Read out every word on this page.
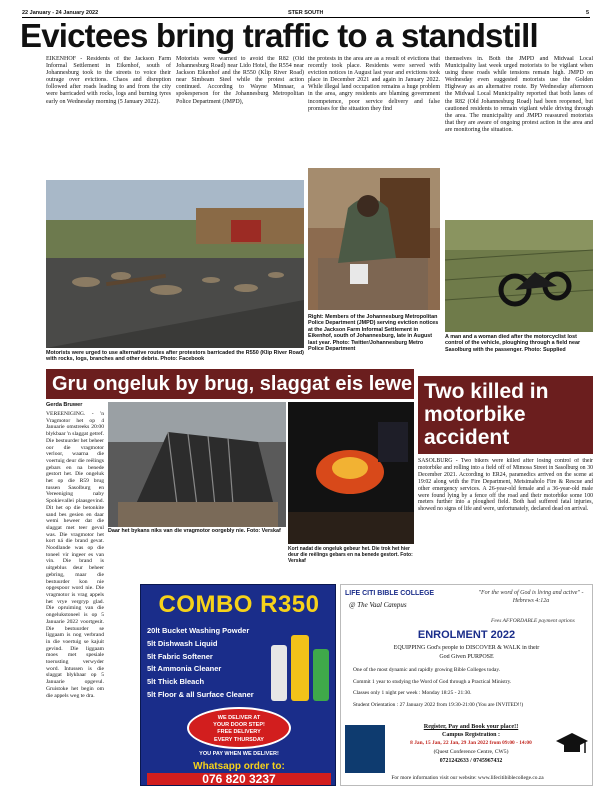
22 January - 24 January 2022	STER SOUTH	5
Evictees bring traffic to a standstill
EIKENHOF - Residents of the Jackson Farm Informal Settlement in Eikenhof, south of Johannesburg took to the streets to voice their outrage over evictions. Chaos and disruption followed after roads leading to and from the city were barricaded with rocks, logs and burning tyres early on Wednesday morning (5 January 2022).
Motorists were warned to avoid the R82 (Old Johannesburg Road) near Lido Hotel, the R554 near Jackson Eikenhof and the R550 (Klip River Road) near Simbeam Steel while the protest action continued. According to Wayne Minnaar, a spokesperson for the Johannesburg Metropolitan Police Department (JMPD),
the protests in the area are as a result of evictions that recently took place. Residents were served with eviction notices in August last year and evictions took place in December 2021 and again in January 2022. While illegal land occupation remains a huge problem in the area, angry residents are blaming government incompetence, poor service delivery and false promises for the situation they find
themselves in. Both the JMPD and Midvaal Local Municipality last week urged motorists to be vigilant when using these roads while tensions remain high. JMPD on Wednesday even suggested motorists use the Golden Highway as an alternative route. By Wednesday afternoon the Midvaal Local Municipality reported that both lanes of the R82 (Old Johannesburg Road) had been reopened, but cautioned residents to remain vigilant while driving through the area. The municipality and JMPD reassured motorists that they are aware of ongoing protest action in the area and are monitoring the situation.
Motorists were urged to use alternative routes after protestors barricaded the R550 (Klip River Road) with rocks, logs, branches and other debris. Photo: Facebook
Right: Members of the Johannesburg Metropolitan Police Department (JMPD) serving eviction notices at the Jackson Farm Informal Settlement in Eikenhof, south of Johannesburg, late in August last year. Photo: Twitter/Johannesburg Metro Police Department
A man and a woman died after the motorcyclist lost control of the vehicle, ploughing through a field near Sasolburg with the passenger. Photo: Supplied
Gru ongeluk by brug, slaggat eis lewe
Gerda Bruwer
VEREENIGING. - 'n Vragmotor het op 4 Januarie omstreeks 20:00 blykbaar 'n slaggat getref. Die bestuurder het beheer oor die vragmotor verloor, waarna die voertuig deur die reëlings gebars en na benede gestort het. Die ongeluk het op die R59 brug tussen Sasolburg en Vereeniging naby Spokievallei plaasgevind. Dit het op die betonkite sand bes gesien en daar wemi heweer dat die slaggat met teer gevul was. Die vragmotor het kort ná die brand gevat. Noodlande was op die toneel vir ingeer es van vin. Die brand is uitgeblus deur beheer gebring, maar die bestuurder kon nie opgespoor word nie. Die vragmotor is vrag appels het vrye vergryp glad. Die opruiming van die ongelukstoneel is op 5 Januarie 2022 voortgesit. Die bestuurder se liggaam is nog verbrand in die voertuig se kajuit gevind. Die liggaam moes met spesiale toerusting verwyder word. Intussen is die slaggat blykbaar op 5 Januarie opgevul. Gruistoke het begin om die appels weg te dra.
Daar het bykans niks van die vragmotor oorgebly nie. Foto: Verskaf
Kort nadat die ongeluk gebeur het. Die trok het hier deur die reëlings gebars en na benede gestort. Foto: Verskaf
Two killed in motorbike accident
SASOLBURG - Two bikers were killed after losing control of their motorbike and rolling into a field off of Mimosa Street in Sasolburg on 30 December 2021. According to ER24, paramedics arrived on the scene at 19:02 along with the Fire Department, Metsimaholo Fire & Rescue and other emergency services. A 26-year-old female and a 36-year-old male were found lying by a fence off the road and their motorbike some 100 meters further into a ploughed field. Both had suffered fatal injuries, showed no signs of life and were, unfortunately, declared dead on arrival.
COMBO R350
20lt Bucket Washing Powder
5lt Dishwash Liquid
5lt Fabric Softener
5lt Ammonia Cleaner
5lt Thick Bleach
5lt Floor & all Surface Cleaner
WE DELIVER AT
YOUR DOOR STEP!
FREE DELIVERY
EVERY THURSDAY
YOU PAY WHEN WE DELIVER!
Whatsapp order to:
076 820 3237
LIFE CITI BIBLE COLLEGE
@ The Vaal Campus
"For the word of God is living and active" - Hebrews 4:12a
Fees AFFORDABLE payment options
ENROLMENT 2022
EQUIPPING God's people to DISCOVER & WALK in their
God Given PURPOSE
One of the most dynamic and rapidly growing Bible Colleges today.
Commit 1 year to studying the Word of God through a Practical Ministry.
Classes only 1 night per week : Monday 18:25 - 21:30.
Student Orientation : 27 January 2022 from 19:30-21:00 (You are INVITED!!)
Register, Pay and Book your place!!
Campus Registration :
8 Jan, 15 Jan, 22 Jan, 29 Jan 2022 from 09:00 - 14:00
(Quest Conference Centre, CW5)
0721242633 / 0745967432
For more information visit our website: www.lifecitibiblecollege.co.za
